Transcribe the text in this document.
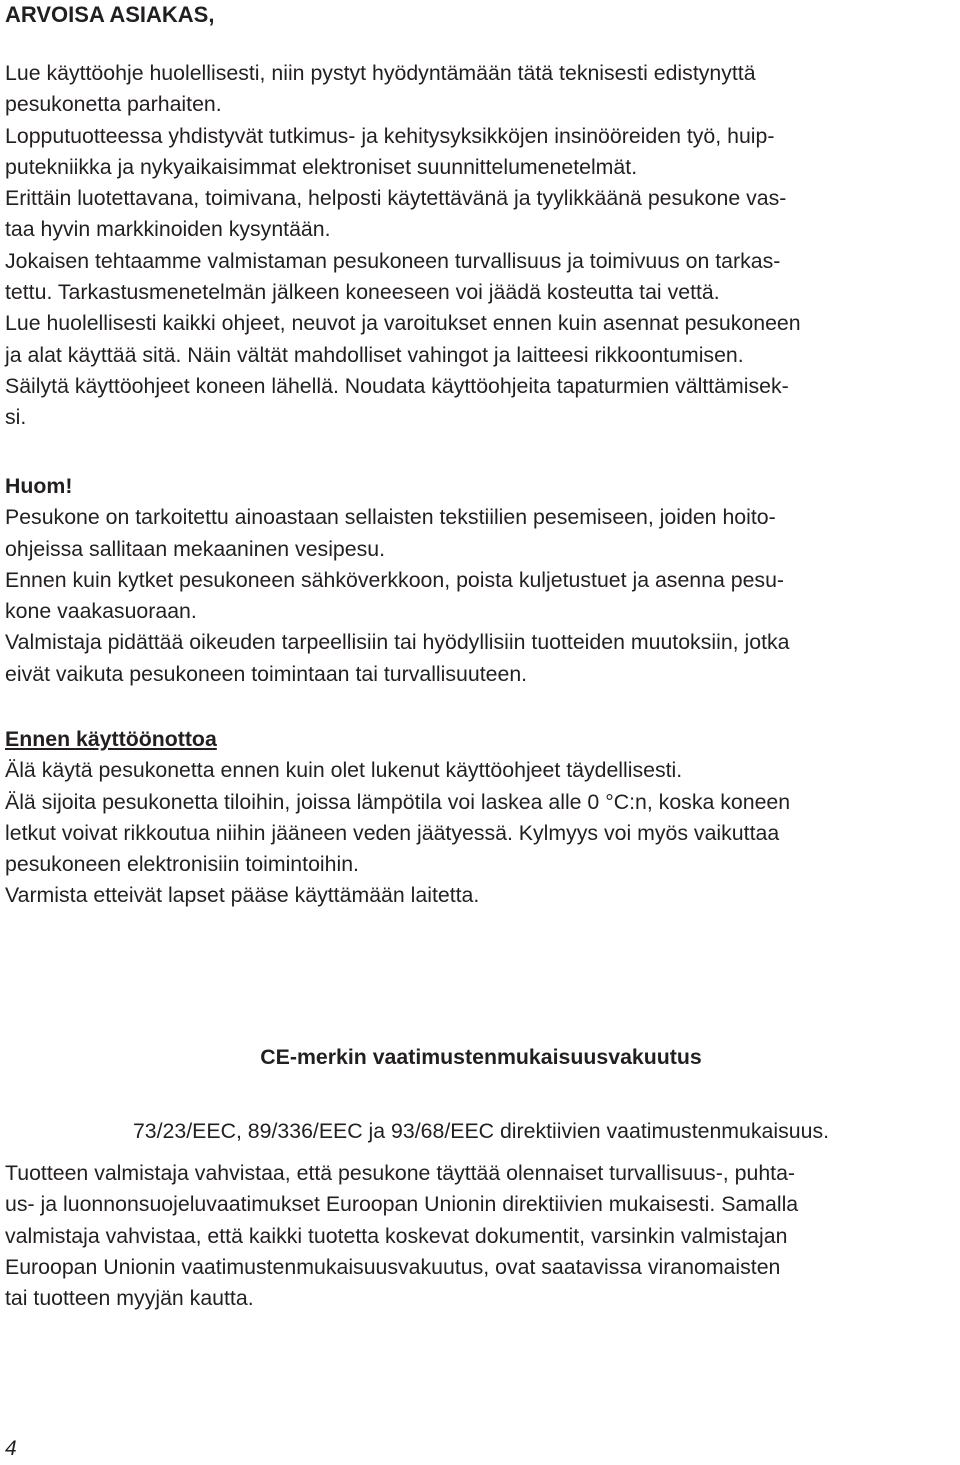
ARVOISA ASIAKAS,

Lue käyttöohje huolellisesti, niin pystyt hyödyntämään tätä teknisesti edistynyttä

pesukonetta parhaiten.

Lopputuotteessa yhdistyvät tutkimus- ja kehitysyksikköjen insinööreiden työ, huip-

putekniikka ja nykyaikaisimmat elektroniset suunnittelumenetelmät.

Erittäin luotettavana, toimivana, helposti käytettävänä ja tyylikkäänä pesukone vas-

taa hyvin markkinoiden kysyntään.

Jokaisen tehtaamme valmistaman pesukoneen turvallisuus ja toimivuus on tarkas-

tettu. Tarkastusmenetelmän jälkeen koneeseen voi jäädä kosteutta tai vettä.

Lue huolellisesti kaikki ohjeet, neuvot ja varoitukset ennen kuin asennat pesukoneen

ja alat käyttää sitä. Näin vältät mahdolliset vahingot ja laitteesi rikkoontumisen.

Säilytä käyttöohjeet koneen lähellä. Noudata käyttöohjeita tapaturmien välttämisek-

si.

Huom!

Pesukone on tarkoitettu ainoastaan sellaisten tekstiilien pesemiseen, joiden hoito-

ohjeissa sallitaan mekaaninen vesipesu.

Ennen kuin kytket pesukoneen sähköverkkoon, poista kuljetustuet ja asenna pesu-

kone vaakasuoraan.

Valmistaja pidättää oikeuden tarpeellisiin tai hyödyllisiin tuotteiden muutoksiin, jotka

eivät vaikuta pesukoneen toimintaan tai turvallisuuteen.

Ennen käyttöönottoa

Älä käytä pesukonetta ennen kuin olet lukenut käyttöohjeet täydellisesti.

Älä sijoita pesukonetta tiloihin, joissa lämpötila voi laskea alle 0 °C:n, koska koneen

letkut voivat rikkoutua niihin jääneen veden jäätyessä. Kylmyys voi myös vaikuttaa

pesukoneen elektronisiin toimintoihin.

Varmista etteivät lapset pääse käyttämään laitetta.

CE-merkin vaatimustenmukaisuusvakuutus

73/23/EEC, 89/336/EEC ja 93/68/EEC direktiivien vaatimustenmukaisuus.

Tuotteen valmistaja vahvistaa, että pesukone täyttää olennaiset turvallisuus-, puhta-

us- ja luonnonsuojeluvaatimukset Euroopan Unionin direktiivien mukaisesti. Samalla

valmistaja vahvistaa, että kaikki tuotetta koskevat dokumentit, varsinkin valmistajan

Euroopan Unionin vaatimustenmukaisuusvakuutus, ovat saatavissa viranomaisten

tai tuotteen myyjän kautta.

4
